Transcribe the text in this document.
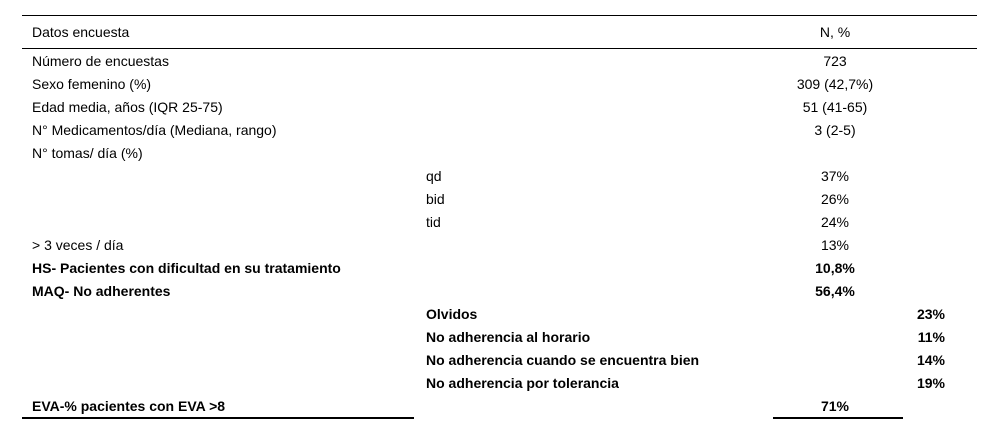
Datos encuesta	N, %
Número de encuestas	723
Sexo femenino (%)	309 (42,7%)
Edad media, años (IQR 25-75)	51 (41-65)
N° Medicamentos/día (Mediana, rango)	3 (2-5)
N° tomas/ día (%)
qd	37%
bid	26%
tid	24%
> 3 veces / día	13%
HS- Pacientes con dificultad en su tratamiento	10,8%
MAQ- No adherentes	56,4%
Olvidos	23%
No adherencia al horario	11%
No adherencia cuando se encuentra bien	14%
No adherencia por tolerancia	19%
EVA-% pacientes con EVA >8	71%
